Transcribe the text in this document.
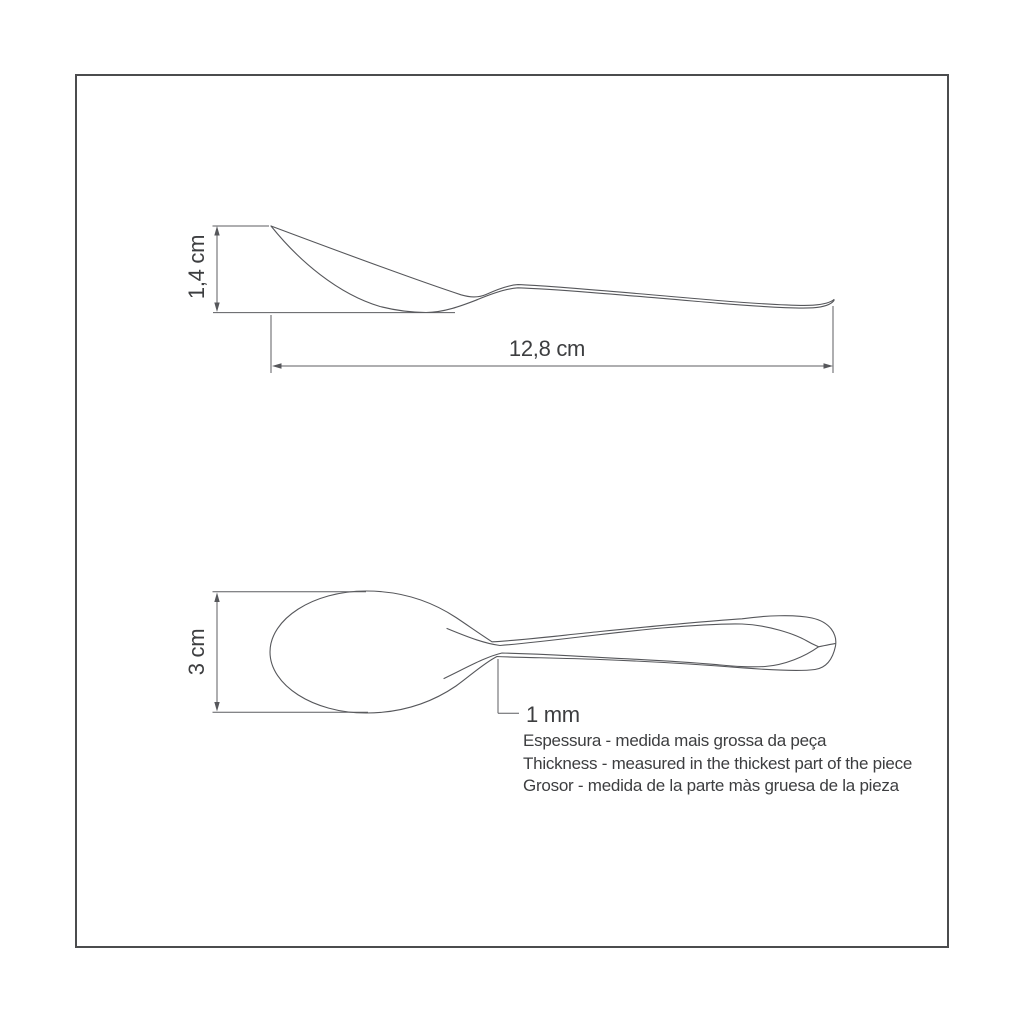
1,4 cm
12,8 cm
3 cm
1 mm
Espessura - medida mais grossa da peça
Thickness - measured in the thickest part of the piece
Grosor - medida de la parte màs gruesa de la pieza
